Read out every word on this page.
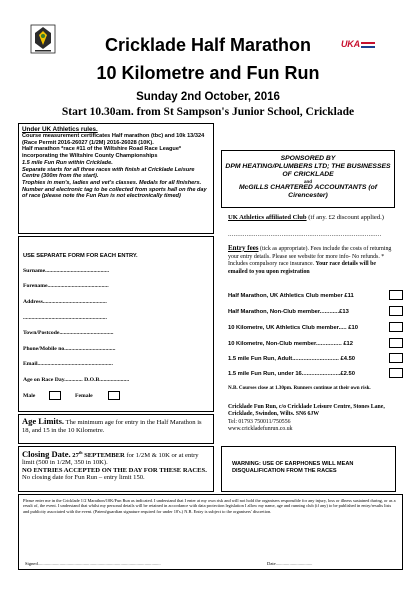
UKA
Cricklade Half Marathon
10 Kilometre and Fun Run
Sunday 2nd October, 2016
Start 10.30am. from St Sampson's Junior School, Cricklade
Under UK Athletics rules.

Course measurement certificates Half marathon (tbc) and 10k 13/324

(Race Permit 2016-26027 (1/2M) 2016-26028 (10K).

Half marathon *race #11 of the Wiltshire Road Race League* incorporating the Wiltshire County Championships

1.5 mile Fun Run within Cricklade.

Separate starts for all three races with finish at Cricklade Leisure Centre (300m from the start).

Trophies in men's, ladies and vet's classes. Medals for all finishers. Number and electronic tag to be collected from sports hall on the day of race (please note the Fun Run is not electronically timed)

USE SEPARATE FORM FOR EACH ENTRY.
Surname.............................................
Forename...........................................
Address.............................................
...........................................................
Town/Postcode......................................
Phone/Mobile no....................................
Email.....................................................
Age on Race Day............. D.O.B.....................
Male	Female
Age Limits. The minimum age for entry in the Half Marathon is 18, and 15 in the 10 Kilometre.
Closing Date. 27th SEPTEMBER for 1/2M & 10K or at entry limit (500 in 1/2M, 350 in 10K).
NO ENTRIES ACCEPTED ON THE DAY FOR THESE RACES.
No closing date for Fun Run – entry limit 150.
SPONSORED BY
DPM HEATING/PLUMBERS LTD; THE BUSINESSES OF CRICKLADE
and
McGILLS CHARTERED ACCOUNTANTS (of Cirencester)
UK Athletics affiliated Club (if any. £2 discount applied.)
...................................................................................
Entry fees (tick as appropriate). Fees include the costs of returning your entry details. Please see website for more info- No refunds. * Includes compulsory race insurance. Your race details will be emailed to you upon registration
Half Marathon, UK Athletics Club member £11
Half Marathon, Non-Club member............£13
10 Kilometre, UK Athletics Club member..... £10
10 Kilometre, Non-Club member................ £12
1.5 mile Fun Run, Adult............................. £4.50
1.5 mile Fun Run, under 16........................£2.50
N.B. Courses close at 1.30pm. Runners continue at their own risk.
Cricklade Fun Run, c/o Cricklade Leisure Centre, Stones Lane, Cricklade, Swindon, Wilts. SN6 6JW
Tel: 01793 750011/750556
www.crickladefunrun.co.uk
WARNING: USE OF EARPHONES WILL MEAN DISQUALIFICATION FROM THE RACES
Please enter me in the Cricklade 1/2 Marathon/10K/Fun Run as indicated. I understand that I enter at my own risk and will not hold the organisers responsible for any injury, loss or illness sustained during, or as a result of, the event. I understand that whilst my personal details will be retained in accordance with data protection legislation I allow my name, age and running club (if any) to be published in entry/results lists and publicity associated with the event. (Patent/guardian signature required for under 18's.) N.B. Entry is subject to the organisers' discretion.
Signed...........................................................................................................	Date................................
